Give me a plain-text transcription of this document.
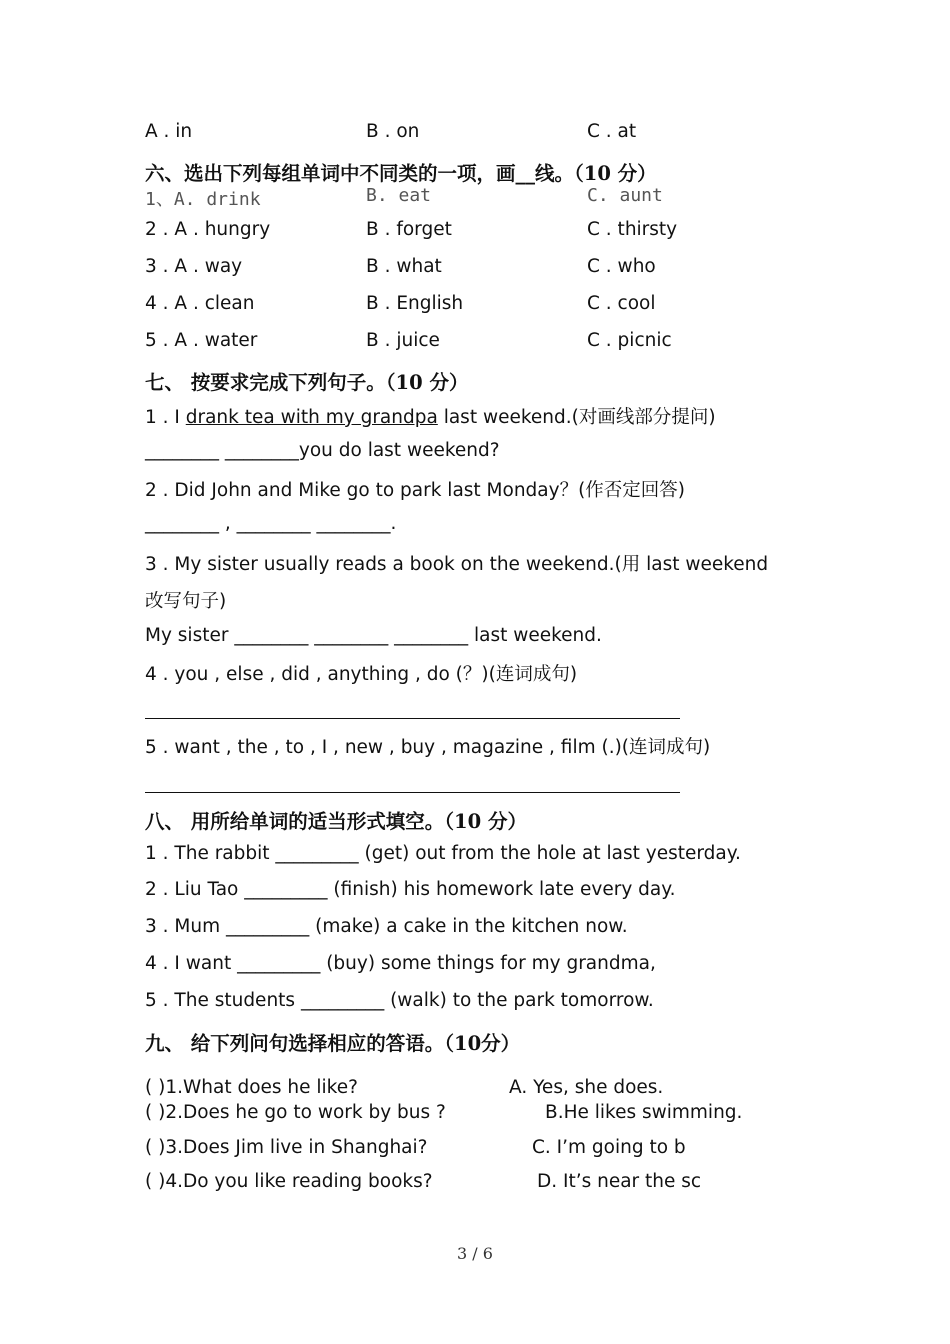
A . in	B . on	C . at
六、选出下列每组单词中不同类的一项，画__线。（10 分）
1、A. drink	B. eat	C. aunt
2 . A . hungry	B . forget	C . thirsty
3 . A . way	B . what	C . who
4 . A . clean	B . English	C . cool
5 . A . water	B . juice	C . picnic
七、 按要求完成下列句子。（10 分）
1 . I drank tea with my grandpa last weekend.(对画线部分提问)
________ ________you do last weekend?
2 . Did John and Mike go to park last Monday？(作否定回答)
________ , ________ ________.
3 . My sister usually reads a book on the weekend.(用 last weekend
改写句子)
My sister ________ ________ ________ last weekend.
4 . you , else , did , anything , do (？)(连词成句)
5 . want , the , to , I , new , buy , magazine , film (.)(连词成句)
八、 用所给单词的适当形式填空。（10 分）
1 . The rabbit _________ (get) out from the hole at last yesterday.
2 . Liu Tao _________ (finish) his homework late every day.
3 . Mum _________ (make) a cake in the kitchen now.
4 . I want _________ (buy) some things for my grandma,
5 . The students _________ (walk) to the park tomorrow.
九、 给下列问句选择相应的答语。（10分）
( )1.What does he like?	A. Yes, she does.
( )2.Does he go to work by bus ?	B.He likes swimming.
( )3.Does Jim live in Shanghai?	C. I’m going to b
( )4.Do you like reading books?	D. It’s near the sc
3 / 6
